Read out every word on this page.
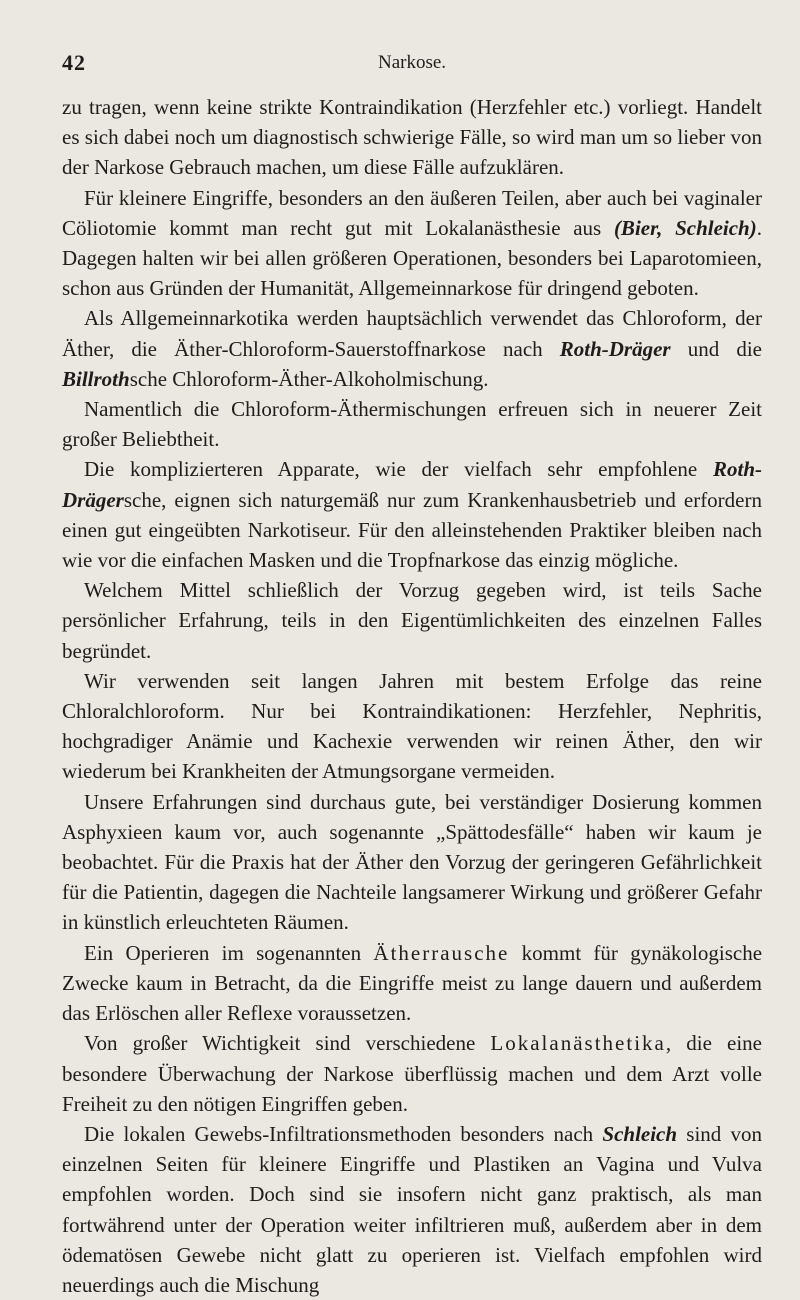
42	Narkose.

zu tragen, wenn keine strikte Kontraindikation (Herzfehler etc.) vorliegt. Handelt es sich dabei noch um diagnostisch schwierige Fälle, so wird man um so lieber von der Narkose Gebrauch machen, um diese Fälle aufzuklären.

Für kleinere Eingriffe, besonders an den äußeren Teilen, aber auch bei vaginaler Cöliotomie kommt man recht gut mit Lokalanästhesie aus (Bier, Schleich). Dagegen halten wir bei allen größeren Operationen, besonders bei Laparotomieen, schon aus Gründen der Humanität, Allgemeinnarkose für dringend geboten.

Als Allgemeinnarkotika werden hauptsächlich verwendet das Chloroform, der Äther, die Äther-Chloroform-Sauerstoffnarkose nach Roth-Dräger und die Billrothsche Chloroform-Äther-Alkoholmischung.

Namentlich die Chloroform-Äthermischungen erfreuen sich in neuerer Zeit großer Beliebtheit.

Die komplizierteren Apparate, wie der vielfach sehr empfohlene Roth-Drägersche, eignen sich naturgemäß nur zum Krankenhausbetrieb und erfordern einen gut eingeübten Narkotiseur. Für den alleinstehenden Praktiker bleiben nach wie vor die einfachen Masken und die Tropfnarkose das einzig mögliche.

Welchem Mittel schließlich der Vorzug gegeben wird, ist teils Sache persönlicher Erfahrung, teils in den Eigentümlichkeiten des einzelnen Falles begründet.

Wir verwenden seit langen Jahren mit bestem Erfolge das reine Chloralchloroform. Nur bei Kontraindikationen: Herzfehler, Nephritis, hochgradiger Anämie und Kachexie verwenden wir reinen Äther, den wir wiederum bei Krankheiten der Atmungsorgane vermeiden.

Unsere Erfahrungen sind durchaus gute, bei verständiger Dosierung kommen Asphyxieen kaum vor, auch sogenannte „Spättodesfälle“ haben wir kaum je beobachtet. Für die Praxis hat der Äther den Vorzug der geringeren Gefährlichkeit für die Patientin, dagegen die Nachteile langsamerer Wirkung und größerer Gefahr in künstlich erleuchteten Räumen.

Ein Operieren im sogenannten Ätherrausche kommt für gynäkologische Zwecke kaum in Betracht, da die Eingriffe meist zu lange dauern und außerdem das Erlöschen aller Reflexe voraussetzen.

Von großer Wichtigkeit sind verschiedene Lokalanästhetika, die eine besondere Überwachung der Narkose überflüssig machen und dem Arzt volle Freiheit zu den nötigen Eingriffen geben.

Die lokalen Gewebs-Infiltrationsmethoden besonders nach Schleich sind von einzelnen Seiten für kleinere Eingriffe und Plastiken an Vagina und Vulva empfohlen worden. Doch sind sie insofern nicht ganz praktisch, als man fortwährend unter der Operation weiter infiltrieren muß, außerdem aber in dem ödematösen Gewebe nicht glatt zu operieren ist. Vielfach empfohlen wird neuerdings auch die Mischung
